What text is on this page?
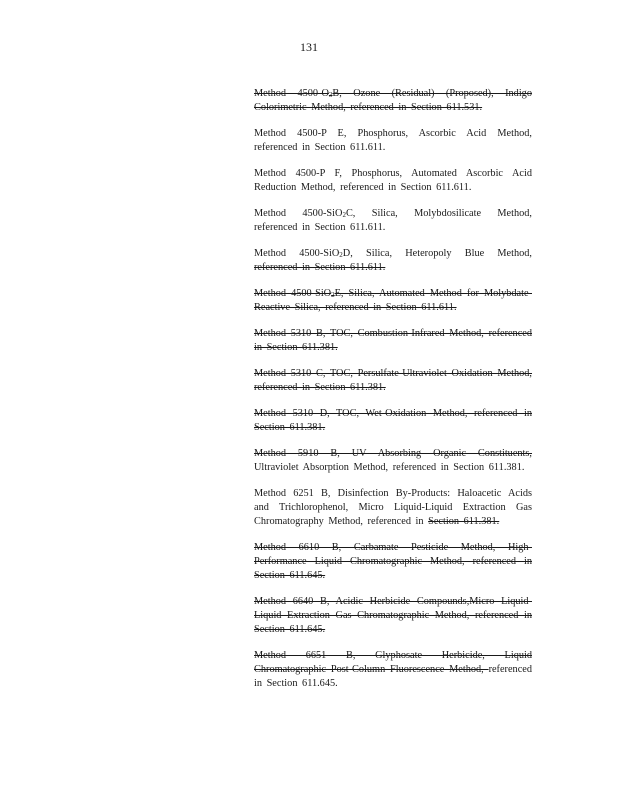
131

Method $4500-O_3B$, Ozone (Residual) (Proposed), Indigo Colorimetric Method, referenced in Section 611.531.

Method 4500-P E, Phosphorus, Ascorbic Acid Method, referenced in Section 611.611.

Method 4500-P F, Phosphorus, Automated Ascorbic Acid Reduction Method, referenced in Section 611.611.

Method 4500-SiO$_2$C, Silica, Molybdosilicate Method, referenced in Section 611.611.

Method 4500-SiO$_2$D, Silica, Heteropoly Blue Method, referenced in Section 611.611.

Method 4500-SiO$_2$E, Silica, Automated Method for Molybdate-Reactive Silica, referenced in Section 611.611.

Method 5310 B, TOC, Combustion-Infrared Method, referenced in Section 611.381.

Method 5310 C, TOC, Persulfate-Ultraviolet Oxidation Method, referenced in Section 611.381.

Method 5310 D, TOC, Wet-Oxidation Method, referenced in Section 611.381.

Method 5910 B, UV Absorbing Organic Constituents, Ultraviolet Absorption Method, referenced in Section 611.381.

Method 6251 B, Disinfection By-Products: Haloacetic Acids and Trichlorophenol, Micro Liquid-Liquid Extraction Gas Chromatography Method, referenced in Section 611.381.

Method 6610 B, Carbamate Pesticide Method, High-Performance Liquid Chromatographic Method, referenced in Section 611.645.

Method 6640 B, Acidic Herbicide Compounds,Micro Liquid-Liquid Extraction Gas Chromatographic Method, referenced in Section 611.645.

Method 6651 B, Glyphosate Herbicide, Liquid Chromatographic Post-Column Fluorescence Method, referenced in Section 611.645.
